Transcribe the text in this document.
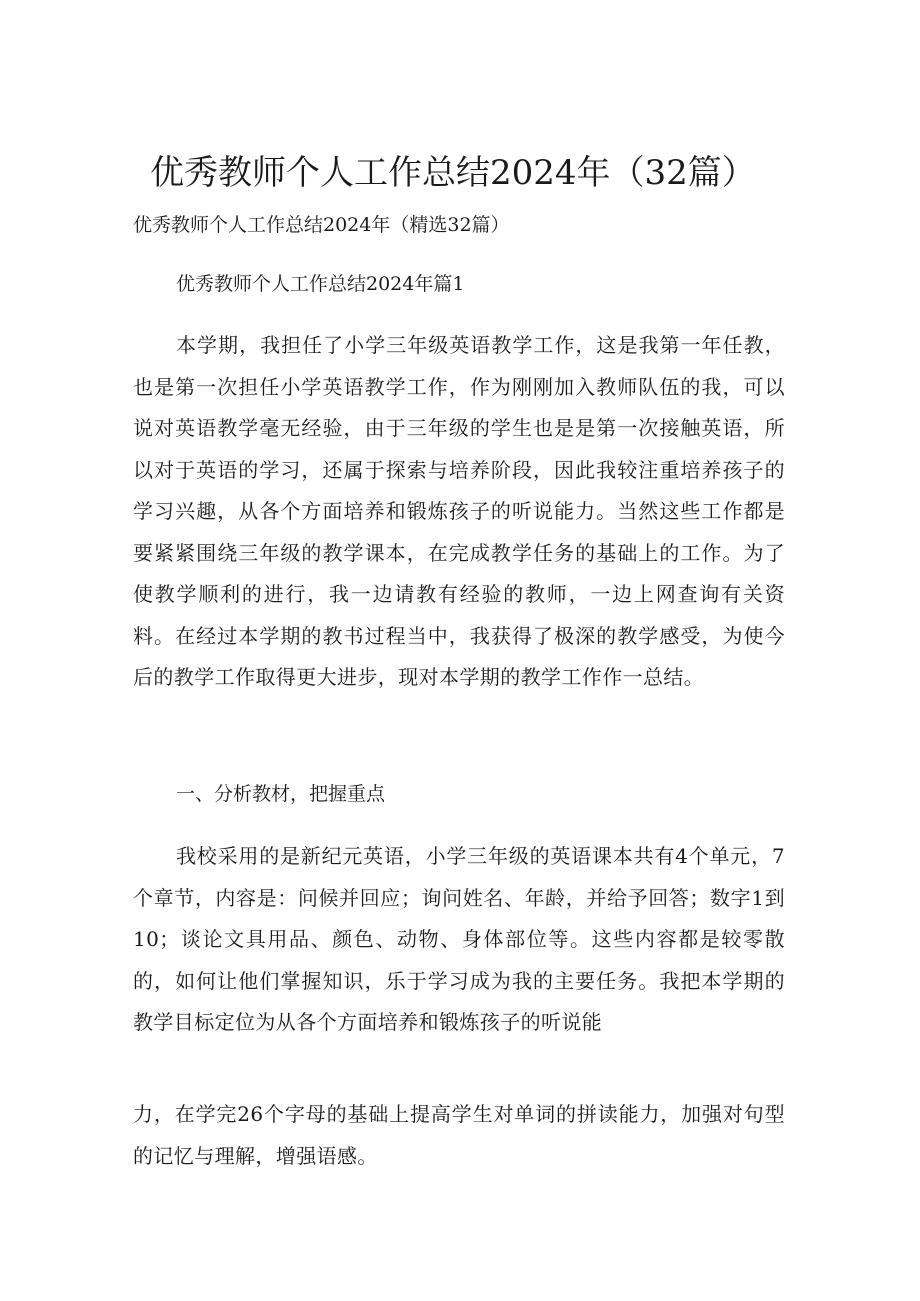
优秀教师个人工作总结2024年（32篇）

优秀教师个人工作总结2024年（精选32篇）

优秀教师个人工作总结2024年篇1

本学期，我担任了小学三年级英语教学工作，这是我第一年任教，也是第一次担任小学英语教学工作，作为刚刚加入教师队伍的我，可以说对英语教学毫无经验，由于三年级的学生也是是第一次接触英语，所以对于英语的学习，还属于探索与培养阶段，因此我较注重培养孩子的学习兴趣，从各个方面培养和锻炼孩子的听说能力。当然这些工作都是要紧紧围绕三年级的教学课本，在完成教学任务的基础上的工作。为了使教学顺利的进行，我一边请教有经验的教师，一边上网查询有关资料。在经过本学期的教书过程当中，我获得了极深的教学感受，为使今后的教学工作取得更大进步，现对本学期的教学工作作一总结。

一、分析教材，把握重点

我校采用的是新纪元英语，小学三年级的英语课本共有4个单元，7个章节，内容是：问候并回应；询问姓名、年龄，并给予回答；数字1到10；谈论文具用品、颜色、动物、身体部位等。这些内容都是较零散的，如何让他们掌握知识，乐于学习成为我的主要任务。我把本学期的教学目标定位为从各个方面培养和锻炼孩子的听说能

力，在学完26个字母的基础上提高学生对单词的拼读能力，加强对句型的记忆与理解，增强语感。
